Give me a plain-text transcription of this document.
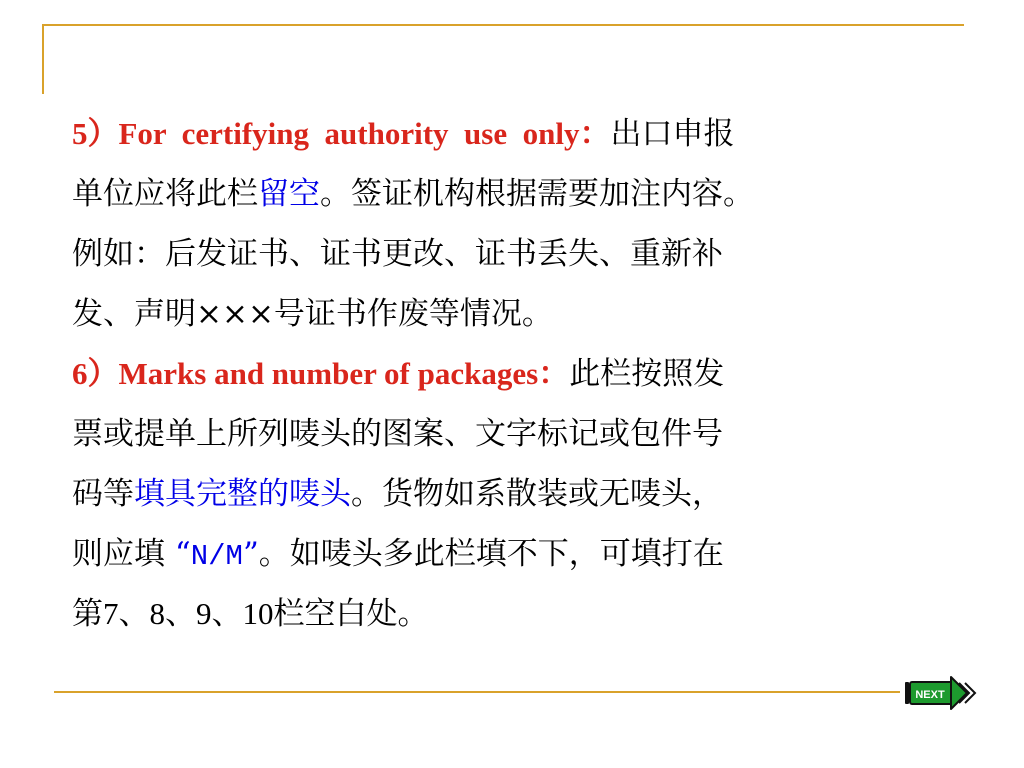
5）For  certifying  authority  use  only：出口申报
单位应将此栏留空。签证机构根据需要加注内容。
例如：后发证书、证书更改、证书丢失、重新补
发、声明×××号证书作废等情况。
6）Marks and number of packages：此栏按照发
票或提单上所列唛头的图案、文字标记或包件号
码等填具完整的唛头。货物如系散装或无唛头，
则应填 “N/M”。如唛头多此栏填不下，可填打在
第7、8、9、10栏空白处。
NEXT
